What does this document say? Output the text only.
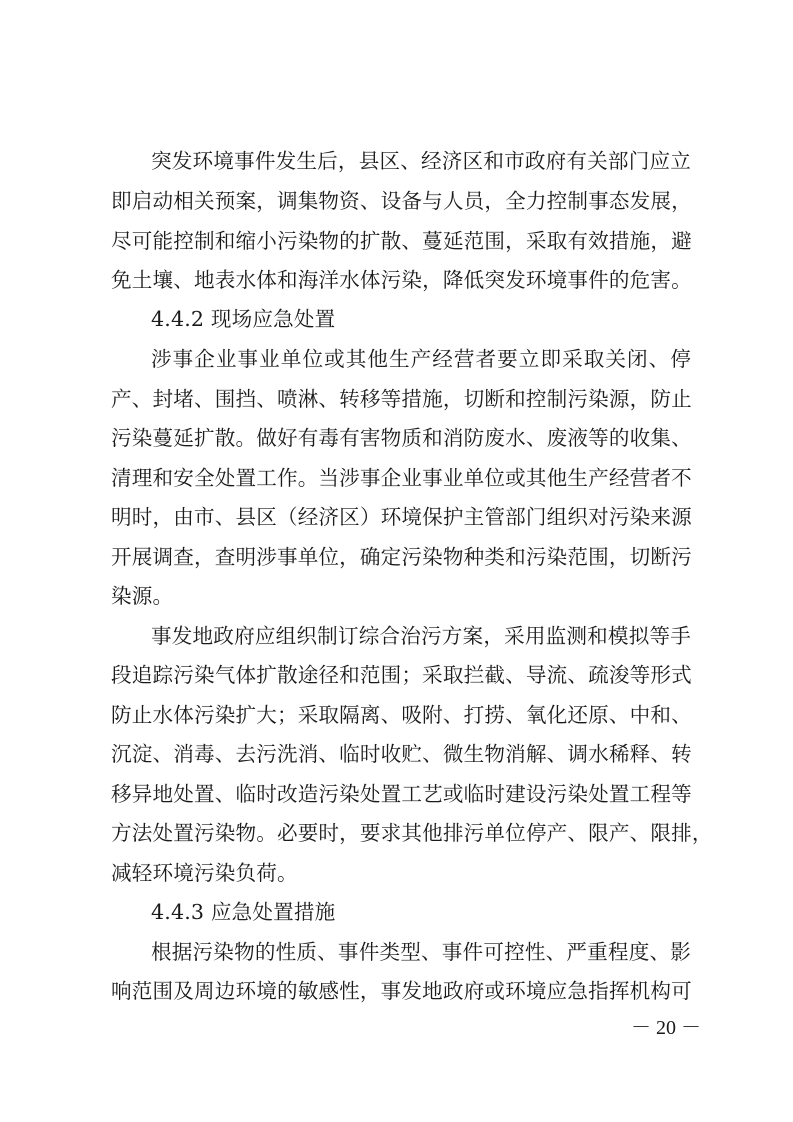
突发环境事件发生后，县区、经济区和市政府有关部门应立
即启动相关预案，调集物资、设备与人员，全力控制事态发展，
尽可能控制和缩小污染物的扩散、蔓延范围，采取有效措施，避
免土壤、地表水体和海洋水体污染，降低突发环境事件的危害。
4.4.2 现场应急处置
涉事企业事业单位或其他生产经营者要立即采取关闭、停
产、封堵、围挡、喷淋、转移等措施，切断和控制污染源，防止
污染蔓延扩散。做好有毒有害物质和消防废水、废液等的收集、
清理和安全处置工作。当涉事企业事业单位或其他生产经营者不
明时，由市、县区（经济区）环境保护主管部门组织对污染来源
开展调查，查明涉事单位，确定污染物种类和污染范围，切断污
染源。
事发地政府应组织制订综合治污方案，采用监测和模拟等手
段追踪污染气体扩散途径和范围；采取拦截、导流、疏浚等形式
防止水体污染扩大；采取隔离、吸附、打捞、氧化还原、中和、
沉淀、消毒、去污洗消、临时收贮、微生物消解、调水稀释、转
移异地处置、临时改造污染处置工艺或临时建设污染处置工程等
方法处置污染物。必要时，要求其他排污单位停产、限产、限排，
减轻环境污染负荷。
4.4.3 应急处置措施
根据污染物的性质、事件类型、事件可控性、严重程度、影
响范围及周边环境的敏感性，事发地政府或环境应急指挥机构可
－ 20 －
